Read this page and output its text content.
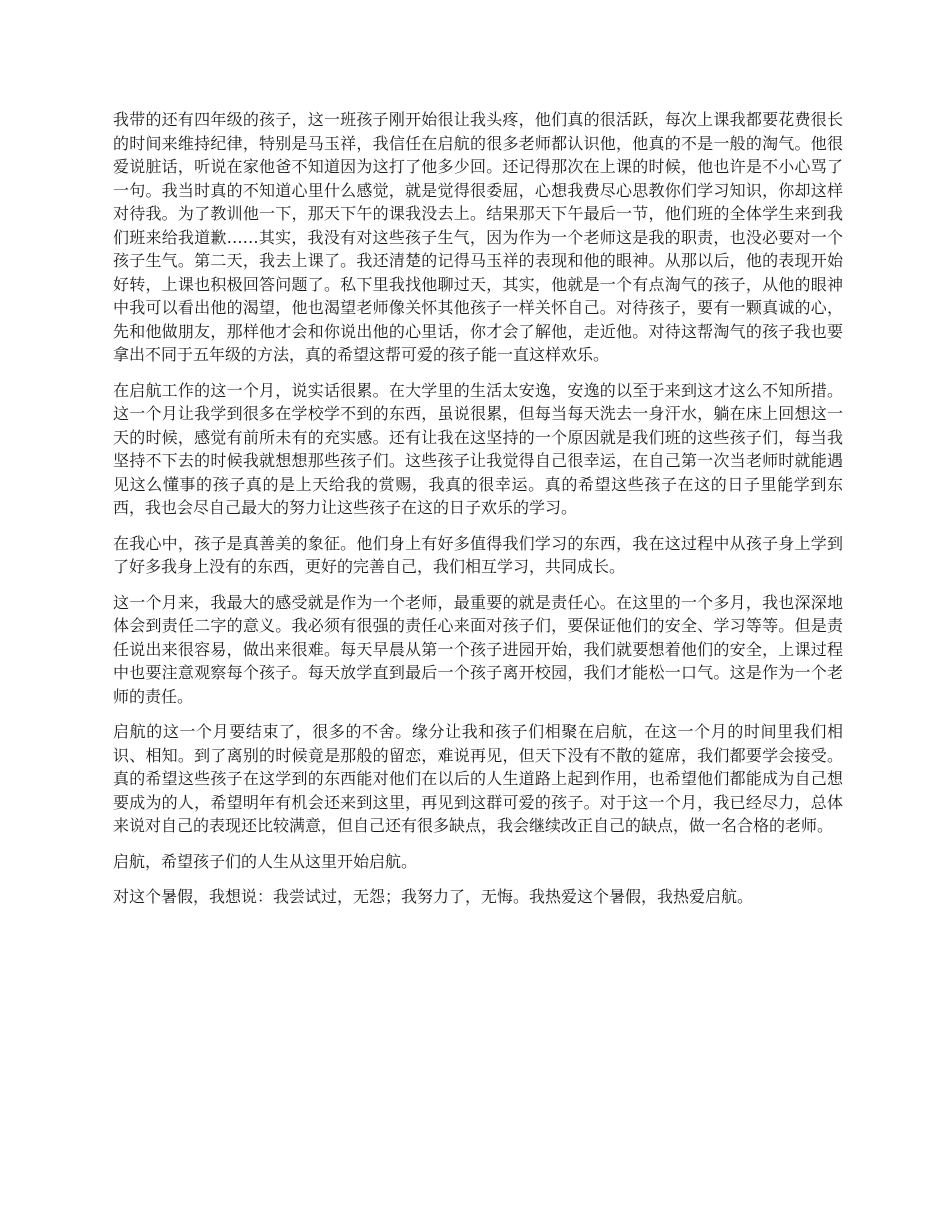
我带的还有四年级的孩子，这一班孩子刚开始很让我头疼，他们真的很活跃，每次上课我都要花费很长的时间来维持纪律，特别是马玉祥，我信任在启航的很多老师都认识他，他真的不是一般的淘气。他很爱说脏话，听说在家他爸不知道因为这打了他多少回。还记得那次在上课的时候，他也许是不小心骂了一句。我当时真的不知道心里什么感觉，就是觉得很委屈，心想我费尽心思教你们学习知识，你却这样对待我。为了教训他一下，那天下午的课我没去上。结果那天下午最后一节，他们班的全体学生来到我们班来给我道歉……其实，我没有对这些孩子生气，因为作为一个老师这是我的职责，也没必要对一个孩子生气。第二天，我去上课了。我还清楚的记得马玉祥的表现和他的眼神。从那以后，他的表现开始好转，上课也积极回答问题了。私下里我找他聊过天，其实，他就是一个有点淘气的孩子，从他的眼神中我可以看出他的渴望，他也渴望老师像关怀其他孩子一样关怀自己。对待孩子，要有一颗真诚的心，先和他做朋友，那样他才会和你说出他的心里话，你才会了解他，走近他。对待这帮淘气的孩子我也要拿出不同于五年级的方法，真的希望这帮可爱的孩子能一直这样欢乐。

在启航工作的这一个月，说实话很累。在大学里的生活太安逸，安逸的以至于来到这才这么不知所措。这一个月让我学到很多在学校学不到的东西，虽说很累，但每当每天洗去一身汗水，躺在床上回想这一天的时候，感觉有前所未有的充实感。还有让我在这坚持的一个原因就是我们班的这些孩子们，每当我坚持不下去的时候我就想想那些孩子们。这些孩子让我觉得自己很幸运，在自己第一次当老师时就能遇见这么懂事的孩子真的是上天给我的赏赐，我真的很幸运。真的希望这些孩子在这的日子里能学到东西，我也会尽自己最大的努力让这些孩子在这的日子欢乐的学习。

在我心中，孩子是真善美的象征。他们身上有好多值得我们学习的东西，我在这过程中从孩子身上学到了好多我身上没有的东西，更好的完善自己，我们相互学习，共同成长。

这一个月来，我最大的感受就是作为一个老师，最重要的就是责任心。在这里的一个多月，我也深深地体会到责任二字的意义。我必须有很强的责任心来面对孩子们，要保证他们的安全、学习等等。但是责任说出来很容易，做出来很难。每天早晨从第一个孩子进园开始，我们就要想着他们的安全，上课过程中也要注意观察每个孩子。每天放学直到最后一个孩子离开校园，我们才能松一口气。这是作为一个老师的责任。

启航的这一个月要结束了，很多的不舍。缘分让我和孩子们相聚在启航，在这一个月的时间里我们相识、相知。到了离别的时候竟是那般的留恋，难说再见，但天下没有不散的筵席，我们都要学会接受。真的希望这些孩子在这学到的东西能对他们在以后的人生道路上起到作用，也希望他们都能成为自己想要成为的人，希望明年有机会还来到这里，再见到这群可爱的孩子。对于这一个月，我已经尽力，总体来说对自己的表现还比较满意，但自己还有很多缺点，我会继续改正自己的缺点，做一名合格的老师。

启航，希望孩子们的人生从这里开始启航。

对这个暑假，我想说：我尝试过，无怨；我努力了，无悔。我热爱这个暑假，我热爱启航。
